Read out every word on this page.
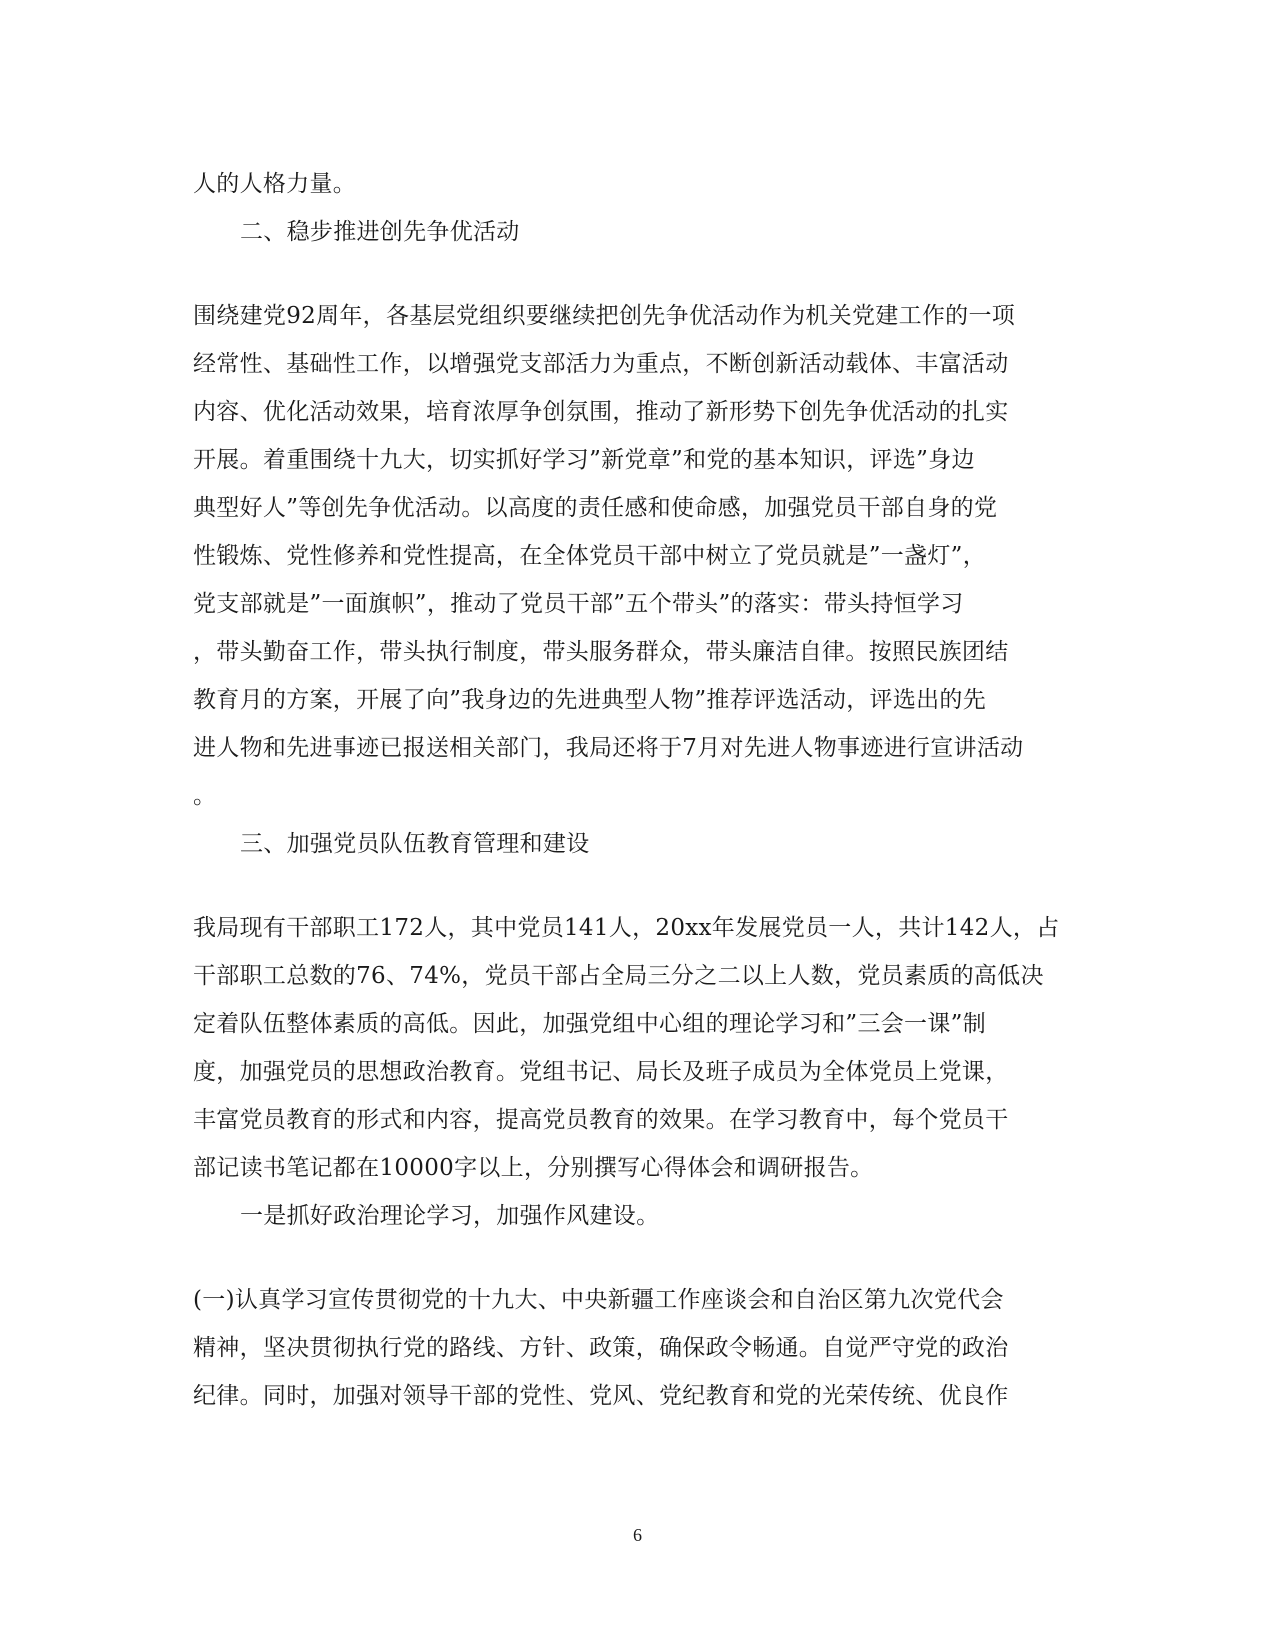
人的人格力量。
二、稳步推进创先争优活动
围绕建党92周年，各基层党组织要继续把创先争优活动作为机关党建工作的一项
经常性、基础性工作，以增强党支部活力为重点，不断创新活动载体、丰富活动
内容、优化活动效果，培育浓厚争创氛围，推动了新形势下创先争优活动的扎实
开展。着重围绕十九大，切实抓好学习”新党章”和党的基本知识，评选”身边
典型好人”等创先争优活动。以高度的责任感和使命感，加强党员干部自身的党
性锻炼、党性修养和党性提高，在全体党员干部中树立了党员就是”一盏灯”，
党支部就是”一面旗帜”，推动了党员干部”五个带头”的落实：带头持恒学习
，带头勤奋工作，带头执行制度，带头服务群众，带头廉洁自律。按照民族团结
教育月的方案，开展了向”我身边的先进典型人物”推荐评选活动，评选出的先
进人物和先进事迹已报送相关部门，我局还将于7月对先进人物事迹进行宣讲活动
。
三、加强党员队伍教育管理和建设
我局现有干部职工172人，其中党员141人，20xx年发展党员一人，共计142人，占
干部职工总数的76、74%，党员干部占全局三分之二以上人数，党员素质的高低决
定着队伍整体素质的高低。因此，加强党组中心组的理论学习和”三会一课”制
度，加强党员的思想政治教育。党组书记、局长及班子成员为全体党员上党课，
丰富党员教育的形式和内容，提高党员教育的效果。在学习教育中，每个党员干
部记读书笔记都在10000字以上，分别撰写心得体会和调研报告。
一是抓好政治理论学习，加强作风建设。
(一)认真学习宣传贯彻党的十九大、中央新疆工作座谈会和自治区第九次党代会
精神，坚决贯彻执行党的路线、方针、政策，确保政令畅通。自觉严守党的政治
纪律。同时，加强对领导干部的党性、党风、党纪教育和党的光荣传统、优良作
6
